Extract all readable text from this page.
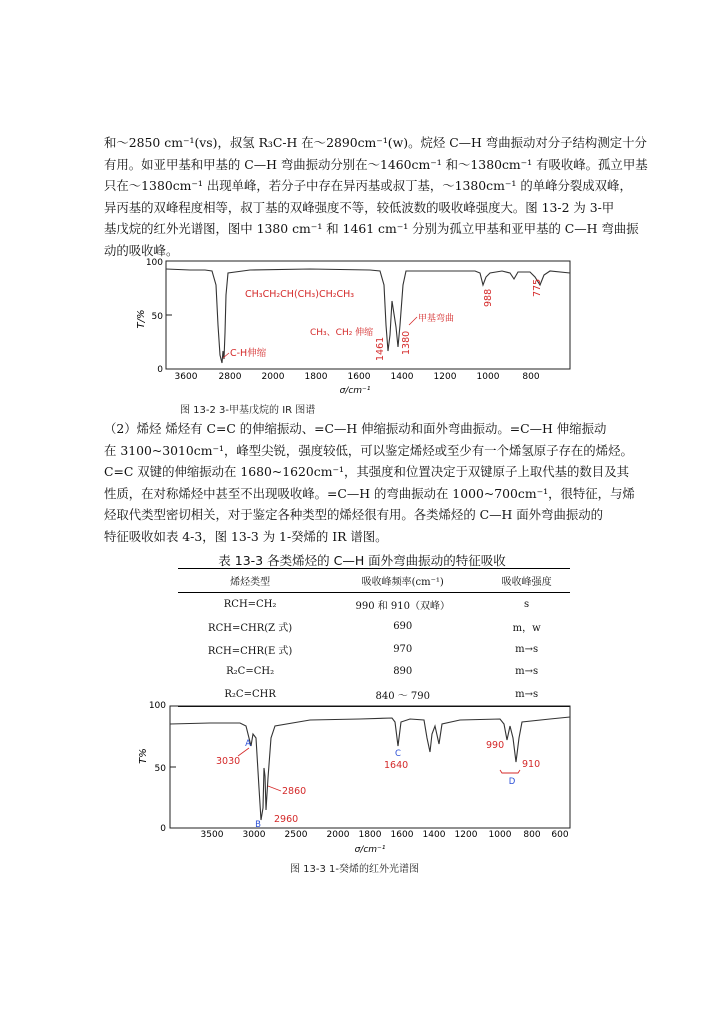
和～2850 cm⁻¹(vs)，叔氢 R₃C-H 在～2890cm⁻¹(w)。烷烃 C—H 弯曲振动对分子结构测定十分

有用。如亚甲基和甲基的 C—H 弯曲振动分别在～1460cm⁻¹ 和～1380cm⁻¹ 有吸收峰。孤立甲基

只在～1380cm⁻¹ 出现单峰，若分子中存在异丙基或叔丁基，～1380cm⁻¹ 的单峰分裂成双峰，

异丙基的双峰程度相等，叔丁基的双峰强度不等，较低波数的吸收峰强度大。图 13-2 为 3-甲

基戊烷的红外光谱图，图中 1380 cm⁻¹ 和 1461 cm⁻¹ 分别为孤立甲基和亚甲基的 C—H 弯曲振

动的吸收峰。

100
50
0
T/%
3600 2800 2000 1800 1600 1400 1200 1000	800
σ/cm⁻¹
CH₃CH₂CH(CH₃)CH₂CH₃
C-H伸缩
CH₃、CH₂ 伸缩
甲基弯曲
1461 1380
988
775
图 13-2 3-甲基戊烷的 IR 图谱

（2）烯烃 烯烃有 C=C 的伸缩振动、=C—H 伸缩振动和面外弯曲振动。=C—H 伸缩振动

在 3100~3010cm⁻¹，峰型尖锐，强度较低，可以鉴定烯烃或至少有一个烯氢原子存在的烯烃。

C=C 双键的伸缩振动在 1680~1620cm⁻¹，其强度和位置决定于双键原子上取代基的数目及其

性质，在对称烯烃中甚至不出现吸收峰。=C—H 的弯曲振动在 1000~700cm⁻¹，很特征，与烯

烃取代类型密切相关，对于鉴定各种类型的烯烃很有用。各类烯烃的 C—H 面外弯曲振动的

特征吸收如表 4-3，图 13-3 为 1-癸烯的 IR 谱图。

表 13-3 各类烯烃的 C—H 面外弯曲振动的特征吸收
烯烃类型	吸收峰频率(cm⁻¹)	吸收峰强度
RCH=CH₂	990 和 910（双峰）	s
RCH=CHR(Z 式)	690	m，w
RCH=CHR(E 式)	970	m→s
R₂C=CH₂	890	m→s
R₂C=CHR	840 ～ 790	m→s
100
50
0
T%
3500 3000 2500 2000 1800 1600 1400 1200 1000 800 600
σ/cm⁻¹
A
3030
2860
2960
B
C
1640
990
910
D
图 13-3 1-癸烯的红外光谱图
